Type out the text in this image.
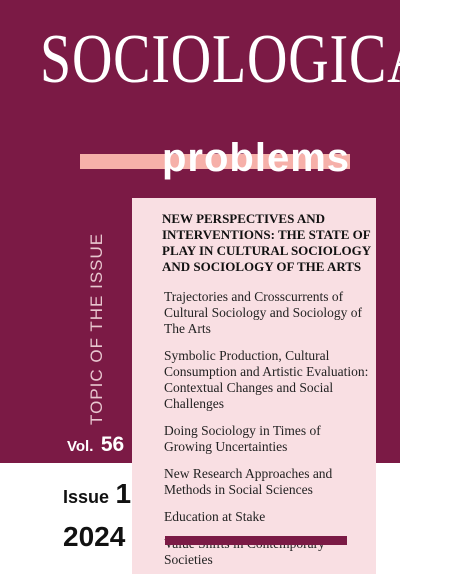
SOCIOLOGICAL
problems
TOPIC OF THE ISSUE
Vol. 56
NEW PERSPECTIVES AND INTERVENTIONS: THE STATE OF PLAY IN CULTURAL SOCIOLOGY AND SOCIOLOGY OF THE ARTS
Trajectories and Crosscurrents of Cultural Sociology and Sociology of The Arts
Symbolic Production, Cultural Consumption and Artistic Evaluation: Contextual Changes and Social Challenges
Doing Sociology in Times of Growing Uncertainties
New Research Approaches and Methods in Social Sciences
Education at Stake
Societies
Issue 1
2024
